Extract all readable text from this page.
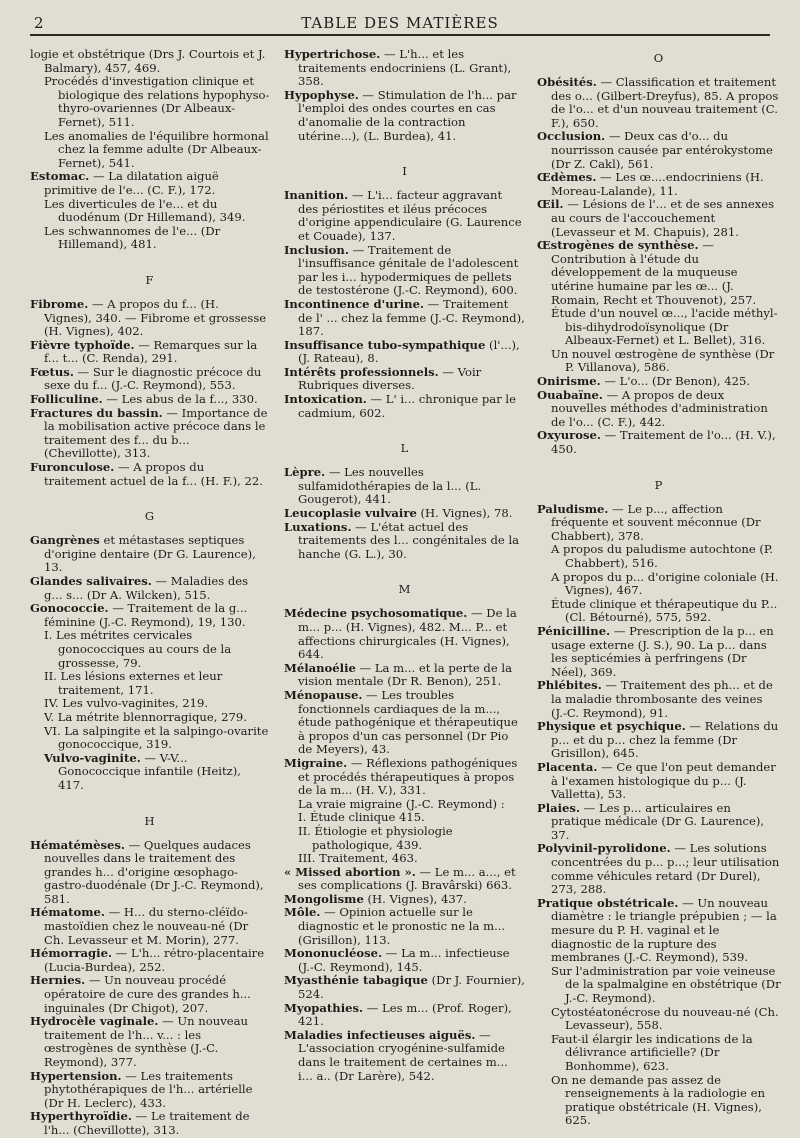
2	TABLE DES MATIÈRES
logie et obstétrique (Drs J. Courtois et J. Balmary), 457, 469.
Procédés d'investigation clinique et biologique des relations hypophyso-thyro-ovariennes (Dr Albeaux-Fernet), 511.
Les anomalies de l'équilibre hormonal chez la femme adulte (Dr Albeaux-Fernet), 541.
Estomac. — La dilatation aiguë primitive de l'e... (C. F.), 172.
Les diverticules de l'e... et du duodénum (Dr Hillemand), 349.
Les schwannomes de l'e... (Dr Hillemand), 481.
F
Fibrome. — A propos du f... (H. Vignes), 340. — Fibrome et grossesse (H. Vignes), 402.
Fièvre typhoïde. — Remarques sur la f... t... (C. Renda), 291.
Fœtus. — Sur le diagnostic précoce du sexe du f... (J.-C. Reymond), 553.
Folliculine. — Les abus de la f..., 330.
Fractures du bassin. — Importance de la mobilisation active précoce dans le traitement des f... du b... (Chevillotte), 313.
Furonculose. — A propos du traitement actuel de la f... (H. F.), 22.
G
Gangrènes et métastases septiques d'origine dentaire (Dr G. Laurence), 13.
Glandes salivaires. — Maladies des g... s... (Dr A. Wilcken), 515.
Gonococcie. — Traitement de la g... féminine (J.-C. Reymond), 19, 130.
I. Les métrites cervicales gonococciques au cours de la grossesse, 79.
II. Les lésions externes et leur traitement, 171.
IV. Les vulvo-vaginites, 219.
V. La métrite blennorragique, 279.
VI. La salpingite et la salpingo-ovarite gonococcique, 319.
Vulvo-vaginite. — V-V... Gonococcique infantile (Heitz), 417.
H
Hématémèses. — Quelques audaces nouvelles dans le traitement des grandes h... d'origine œsophago-gastro-duodénale (Dr J.-C. Reymond), 581.
Hématome. — H... du sterno-cléïdo-mastoïdien chez le nouveau-né (Dr Ch. Levasseur et M. Morin), 277.
Hémorragie. — L'h... rétro-placentaire (Lucia-Burdea), 252.
Hernies. — Un nouveau procédé opératoire de cure des grandes h... inguinales (Dr Chigot), 207.
Hydrocèle vaginale. — Un nouveau traitement de l'h... v... : les œstrogènes de synthèse (J.-C. Reymond), 377.
Hypertension. — Les traitements phytothérapiques de l'h... artérielle (Dr H. Leclerc), 433.
Hyperthyroïdie. — Le traitement de l'h... (Chevillotte), 313.
Hypertrichose. — L'h... et les traitements endocriniens (L. Grant), 358.
Hypophyse. — Stimulation de l'h... par l'emploi des ondes courtes en cas d'anomalie de la contraction utérine...), (L. Burdea), 41.
I
Inanition. — L'i... facteur aggravant des périostites et iléus précoces d'origine appendiculaire (G. Laurence et Couade), 137.
Inclusion. — Traitement de l'insuffisance génitale de l'adolescent par les i... hypodermiques de pellets de testostérone (J.-C. Reymond), 600.
Incontinence d'urine. — Traitement de l' ... chez la femme (J.-C. Reymond), 187.
Insuffisance tubo-sympathique (l'...), (J. Rateau), 8.
Intérêts professionnels. — Voir Rubriques diverses.
Intoxication. — L' i... chronique par le cadmium, 602.
L
Lèpre. — Les nouvelles sulfamidothérapies de la l... (L. Gougerot), 441.
Leucoplasie vulvaire (H. Vignes), 78.
Luxations. — L'état actuel des traitements des l... congénitales de la hanche (G. L.), 30.
M
Médecine psychosomatique. — De la m... p... (H. Vignes), 482. M... P... et affections chirurgicales (H. Vignes), 644.
Mélanoélie — La m... et la perte de la vision mentale (Dr R. Benon), 251.
Ménopause. — Les troubles fonctionnels cardiaques de la m..., étude pathogénique et thérapeutique à propos d'un cas personnel (Dr Pio de Meyers), 43.
Migraine. — Réflexions pathogéniques et procédés thérapeutiques à propos de la m... (H. V.), 331.
La vraie migraine (J.-C. Reymond) :
I. Étude clinique 415.
II. Étiologie et physiologie pathologique, 439.
III. Traitement, 463.
« Missed abortion ». — Le m... a..., et ses complications (J. Bravârski) 663.
Mongolisme (H. Vignes), 437.
Môle. — Opinion actuelle sur le diagnostic et le pronostic ne la m... (Grisillon), 113.
Mononucléose. — La m... infectieuse (J.-C. Reymond), 145.
Myasthénie tabagique (Dr J. Fournier), 524.
Myopathies. — Les m... (Prof. Roger), 421.
Maladies infectieuses aiguës. — L'association cryogénine-sulfamide dans le traitement de certaines m... i... a.. (Dr Larère), 542.
O
Obésités. — Classification et traitement des o... (Gilbert-Dreyfus), 85. A propos de l'o... et d'un nouveau traitement (C. F.), 650.
Occlusion. — Deux cas d'o... du nourrisson causée par entérokystome (Dr Z. Cakl), 561.
Œdèmes. — Les œ....endocriniens (H. Moreau-Lalande), 11.
Œil. — Lésions de l'... et de ses annexes au cours de l'accouchement (Levasseur et M. Chapuis), 281.
Œstrogènes de synthèse. — Contribution à l'étude du développement de la muqueuse utérine humaine par les œ... (J. Romain, Recht et Thouvenot), 257.
Étude d'un nouvel œ..., l'acide méthyl-bis-dihydrodoïsynolique (Dr Albeaux-Fernet) et L. Bellet), 316.
Un nouvel œstrogène de synthèse (Dr P. Villanova), 586.
Onirisme. — L'o... (Dr Benon), 425.
Ouabaïne. — A propos de deux nouvelles méthodes d'administration de l'o... (C. F.), 442.
Oxyurose. — Traitement de l'o... (H. V.), 450.
P
Paludisme. — Le p..., affection fréquente et souvent méconnue (Dr Chabbert), 378.
A propos du paludisme autochtone (P. Chabbert), 516.
A propos du p... d'origine coloniale (H. Vignes), 467.
Étude clinique et thérapeutique du P... (Cl. Bétourné), 575, 592.
Pénicilline. — Prescription de la p... en usage externe (J. S.), 90. La p... dans les septicémies à perfringens (Dr Néel), 369.
Phlébites. — Traitement des ph... et de la maladie thrombosante des veines (J.-C. Reymond), 91.
Physique et psychique. — Relations du p... et du p... chez la femme (Dr Grisillon), 645.
Placenta. — Ce que l'on peut demander à l'examen histologique du p... (J. Valletta), 53.
Plaies. — Les p... articulaires en pratique médicale (Dr G. Laurence), 37.
Polyvinil-pyrolidone. — Les solutions concentrées du p... p...; leur utilisation comme véhicules retard (Dr Durel), 273, 288.
Pratique obstétricale. — Un nouveau diamètre : le triangle prépubien ; — la mesure du P. H. vaginal et le diagnostic de la rupture des membranes (J.-C. Reymond), 539.
Sur l'administration par voie veineuse de la spalmalgine en obstétrique (Dr J.-C. Reymond).
Cytostéatonécrose du nouveau-né (Ch. Levasseur), 558.
Faut-il élargir les indications de la délivrance artificielle? (Dr Bonhomme), 623.
On ne demande pas assez de renseignements à la radiologie en pratique obstétricale (H. Vignes), 625.
